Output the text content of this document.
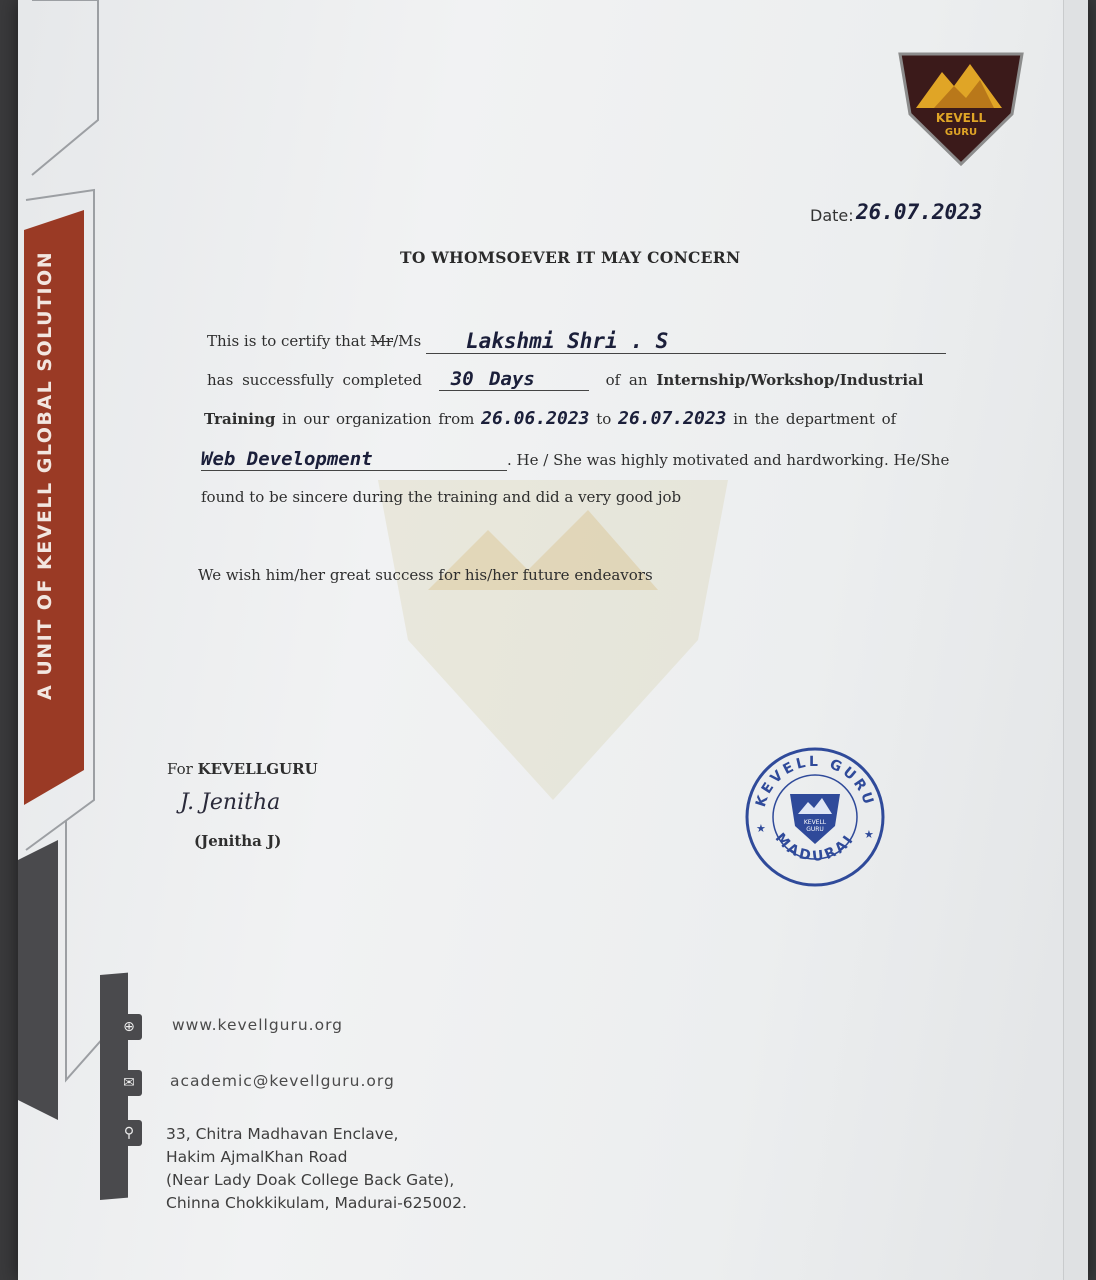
A UNIT OF KEVELL GLOBAL SOLUTION
KEVELL
GURU
Date: 26.07.2023
TO WHOMSOEVER IT MAY CONCERN
This is to certify that Mr/Ms Lakshmi Shri . S
has successfully completed 30 Days	of an Internship/Workshop/Industrial
Training in our organization from 26.06.2023 to 26.07.2023 in the department of
Web Development	. He / She was highly motivated and hardworking. He/She
found to be sincere during the training and did a very good job
We wish him/her great success for his/her future endeavors
For KEVELLGURU
J. Jenitha
(Jenitha J)
KEVELL GURU
MADURAI
★	★
KEVELL
GURU
⊕	www.kevellguru.org
✉	academic@kevellguru.org
⚲	33, Chitra Madhavan Enclave,
Hakim AjmalKhan Road
(Near Lady Doak College Back Gate),
Chinna Chokkikulam, Madurai-625002.
